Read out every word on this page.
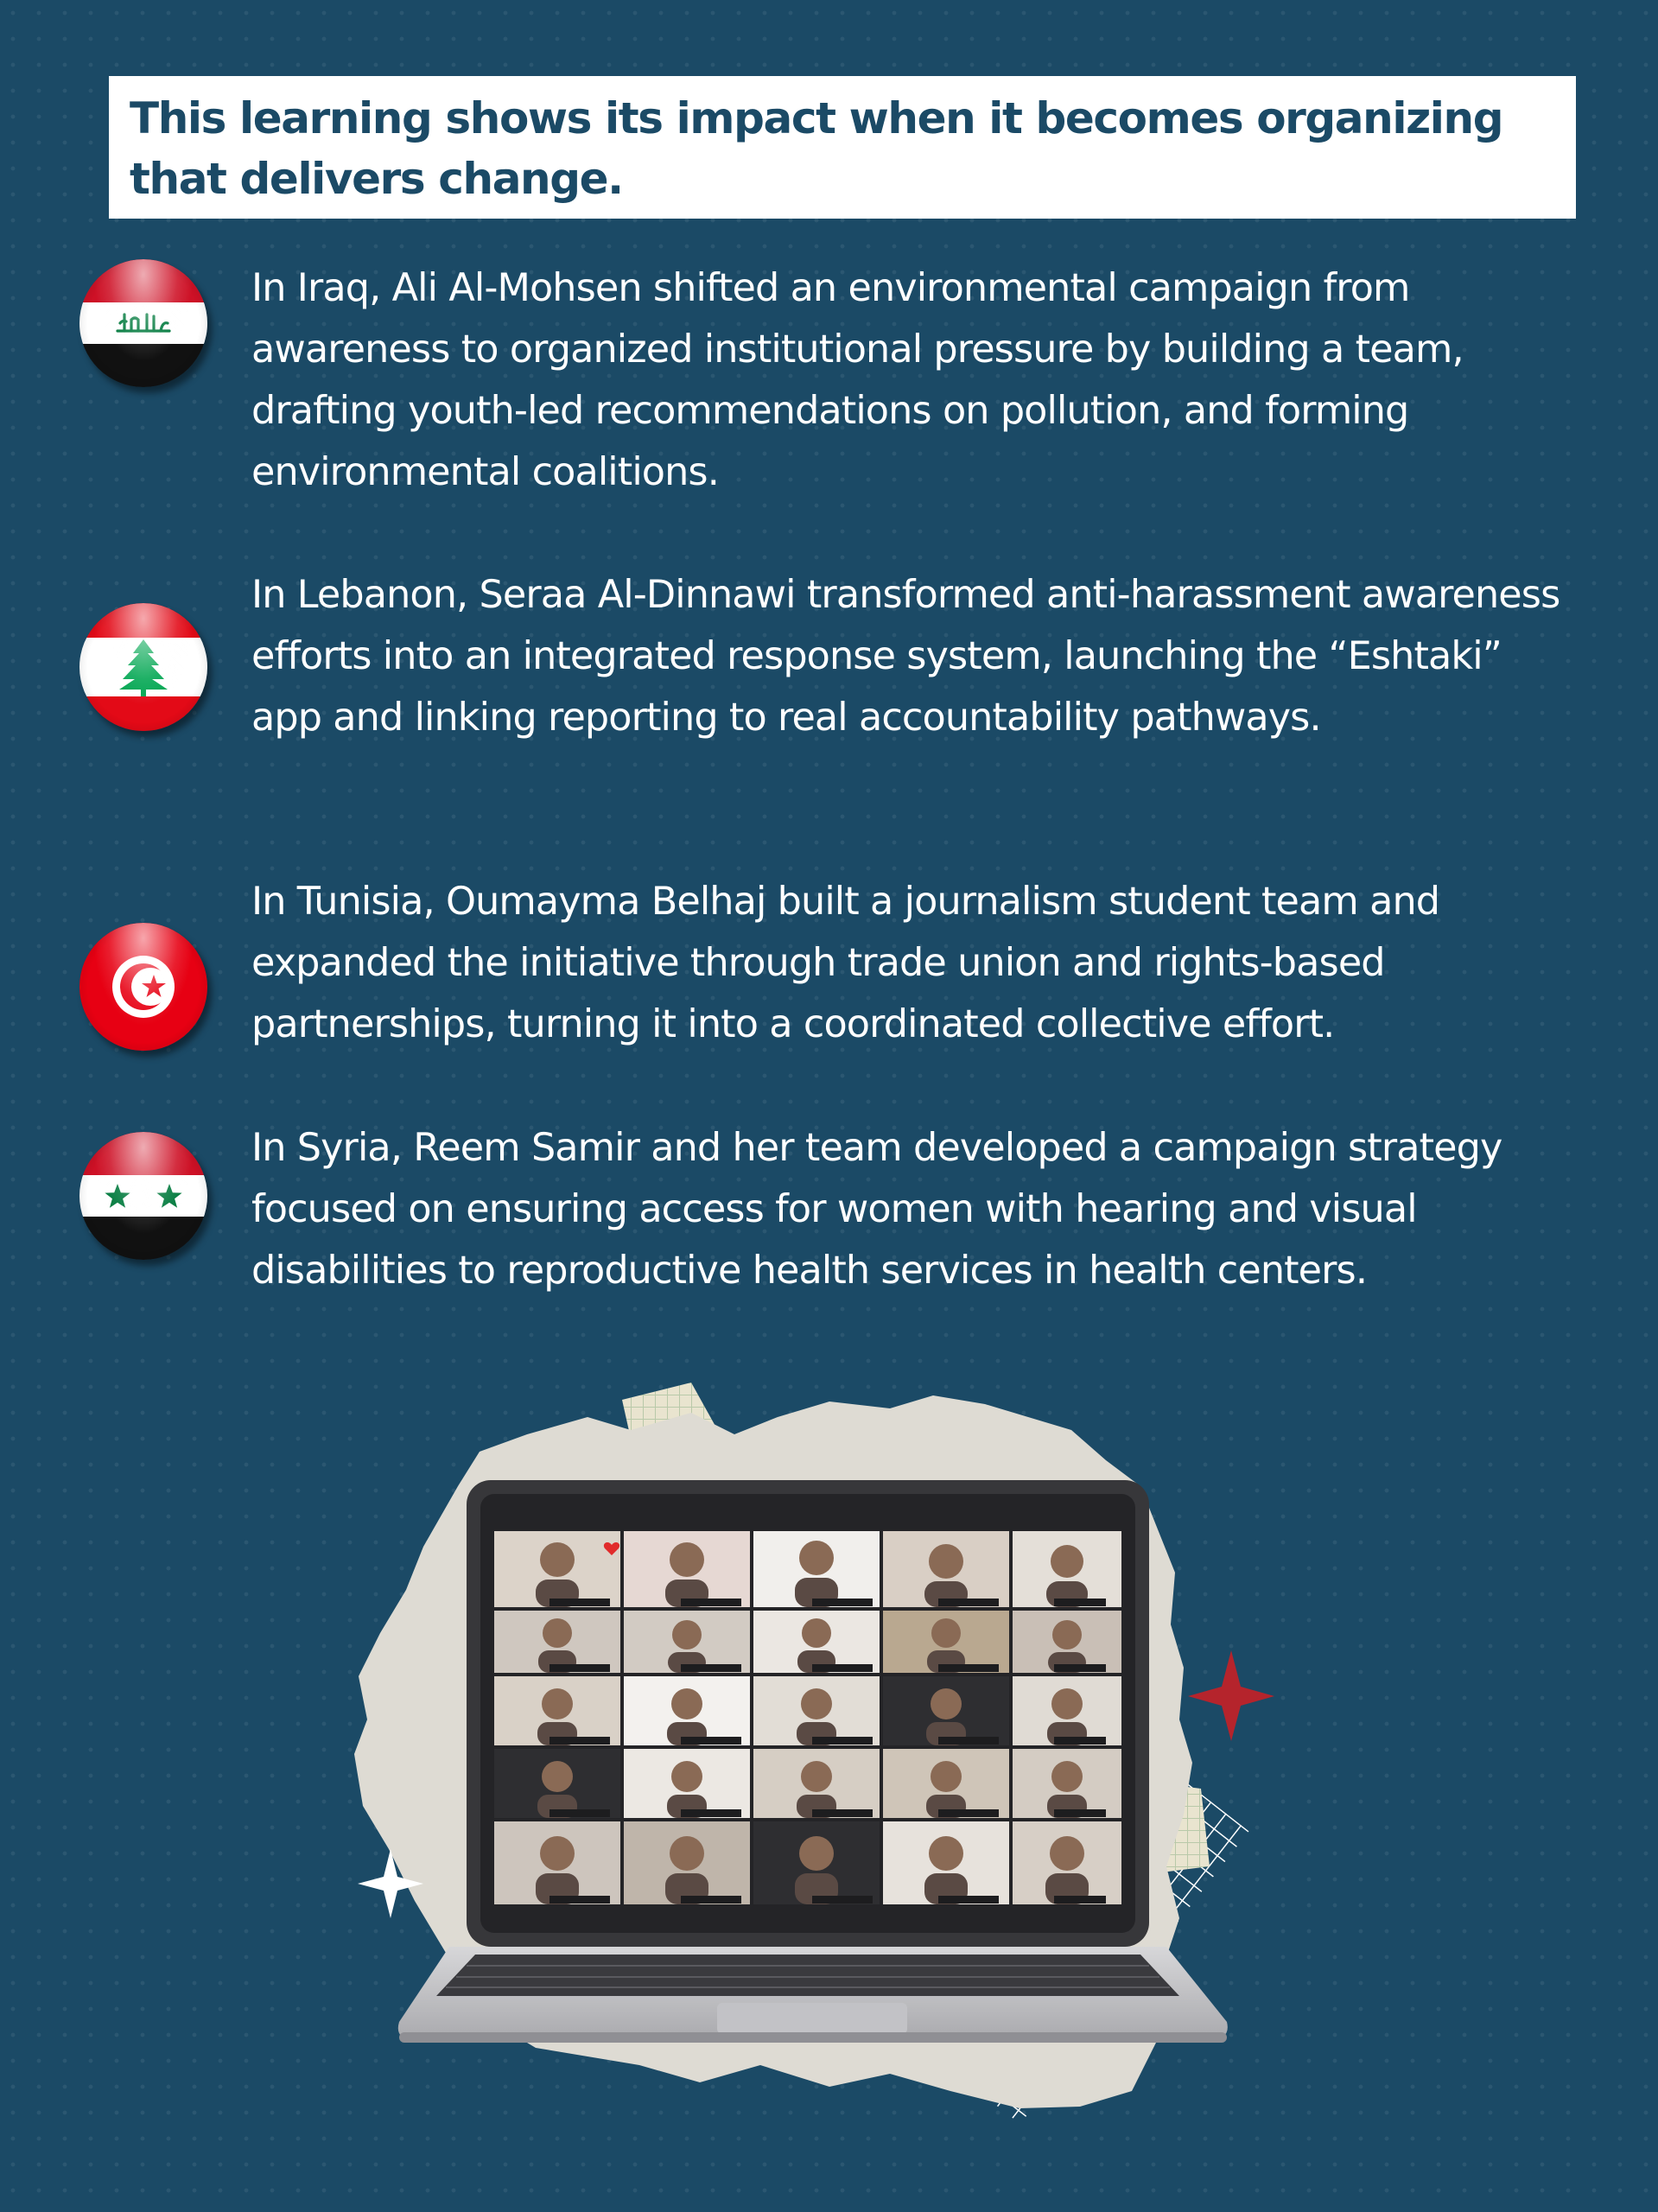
This learning shows its impact when it becomes organizing that delivers change.

In Iraq, Ali Al-Mohsen shifted an environmental campaign from awareness to organized institutional pressure by building a team, drafting youth-led recommendations on pollution, and forming environmental coalitions.

In Lebanon, Seraa Al-Dinnawi transformed anti-harassment awareness efforts into an integrated response system, launching the “Eshtaki” app and linking reporting to real accountability pathways.

In Tunisia, Oumayma Belhaj built a journalism student team and expanded the initiative through trade union and rights-based partnerships, turning it into a coordinated collective effort.

In Syria, Reem Samir and her team developed a campaign strategy focused on ensuring access for women with hearing and visual disabilities to reproductive health services in health centers.
